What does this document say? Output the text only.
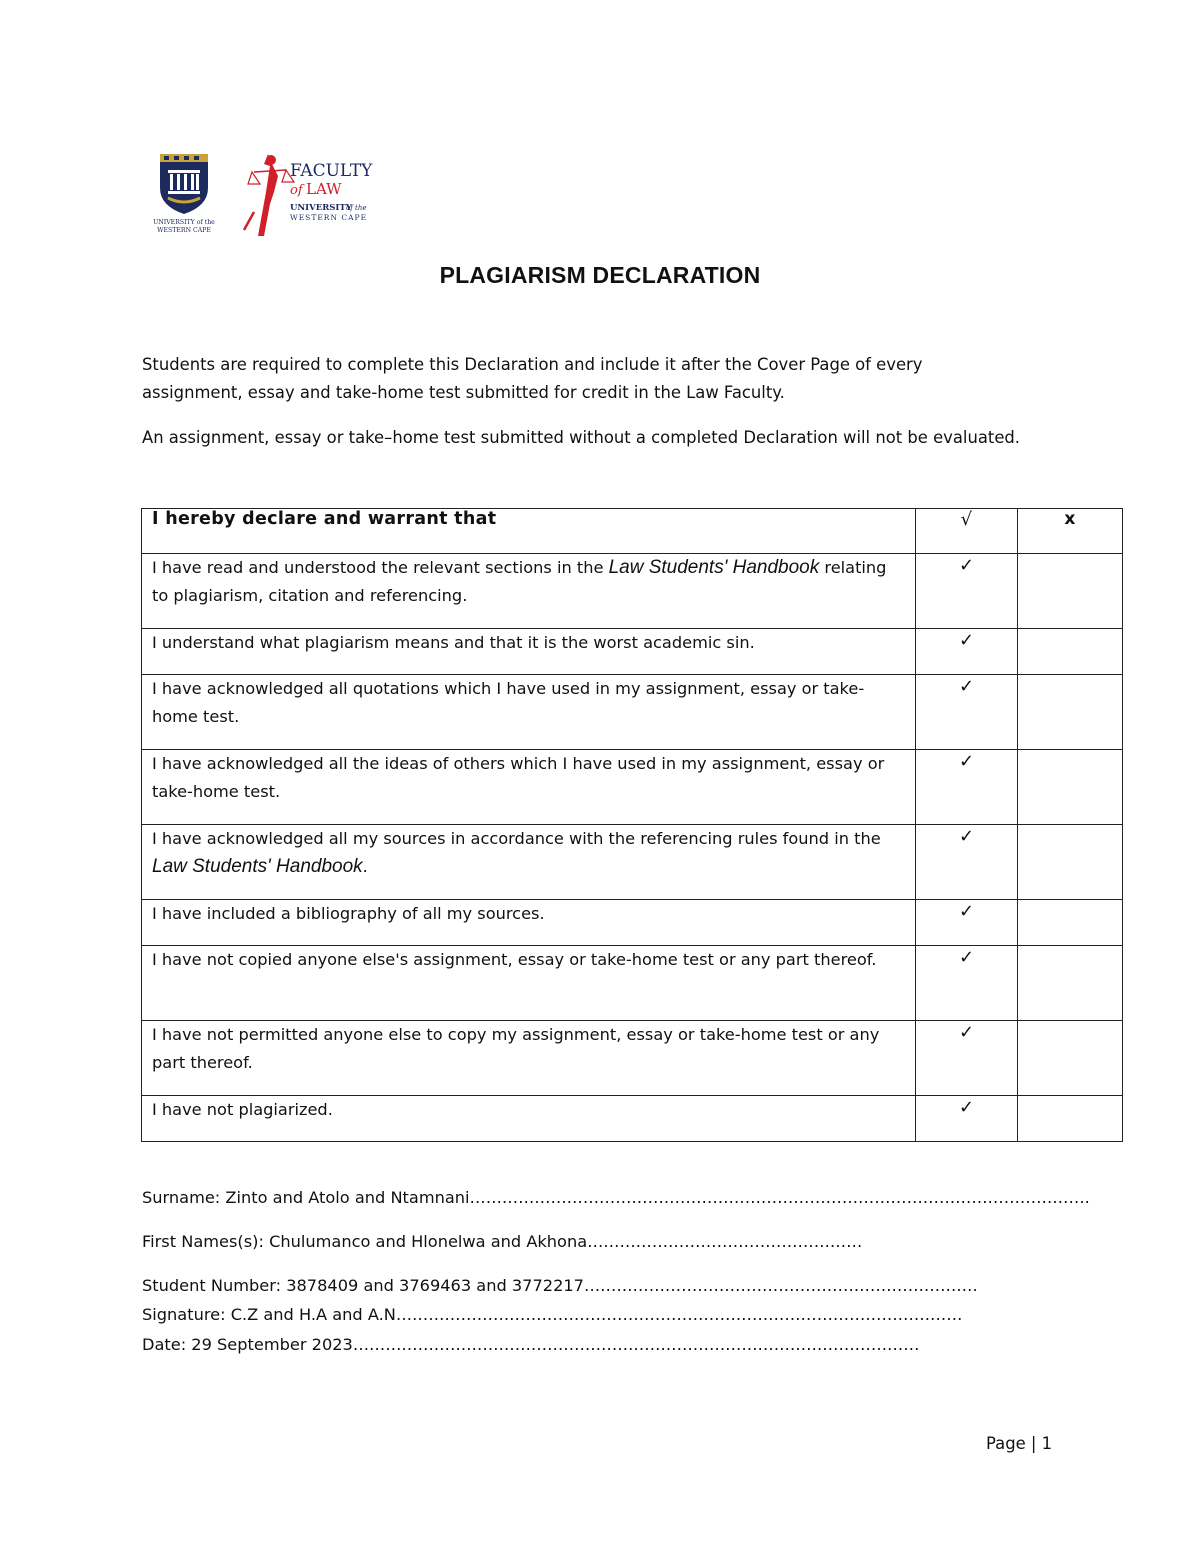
UNIVERSITY of the
WESTERN CAPE
FACULTY
of LAW
UNIVERSITY
of the
WESTERN CAPE
PLAGIARISM DECLARATION

Students are required to complete this Declaration and include it after the Cover Page of every assignment, essay and take-home test submitted for credit in the Law Faculty.

An assignment, essay or take–home test submitted without a completed Declaration will not be evaluated.

I hereby declare and warrant that	√	x
I have read and understood the relevant sections in the Law Students' Handbook relating to plagiarism, citation and referencing.	✓	
I understand what plagiarism means and that it is the worst academic sin.	✓	
I have acknowledged all quotations which I have used in my assignment, essay or take-home test.	✓	
I have acknowledged all the ideas of others which I have used in my assignment, essay or take-home test.	✓	
I have acknowledged all my sources in accordance with the referencing rules found in the Law Students' Handbook.	✓	
I have included a bibliography of all my sources.	✓	
I have not copied anyone else's assignment, essay or take-home test or any part thereof.	✓	
I have not permitted anyone else to copy my assignment, essay or take-home test or any part thereof.	✓	
I have not plagiarized.	✓	
Surname: Zinto and Atolo and Ntamnani…………………………………………………………………………………………………….
First Names(s): Chulumanco and Hlonelwa and Akhona……………………………………………
Student Number: 3878409 and 3769463 and 3772217……………………………………………………………….
Signature: C.Z and H.A and A.N……………………………………………………………………………………………
Date: 29 September 2023……………………………………………………………………………………………
Page | 1
